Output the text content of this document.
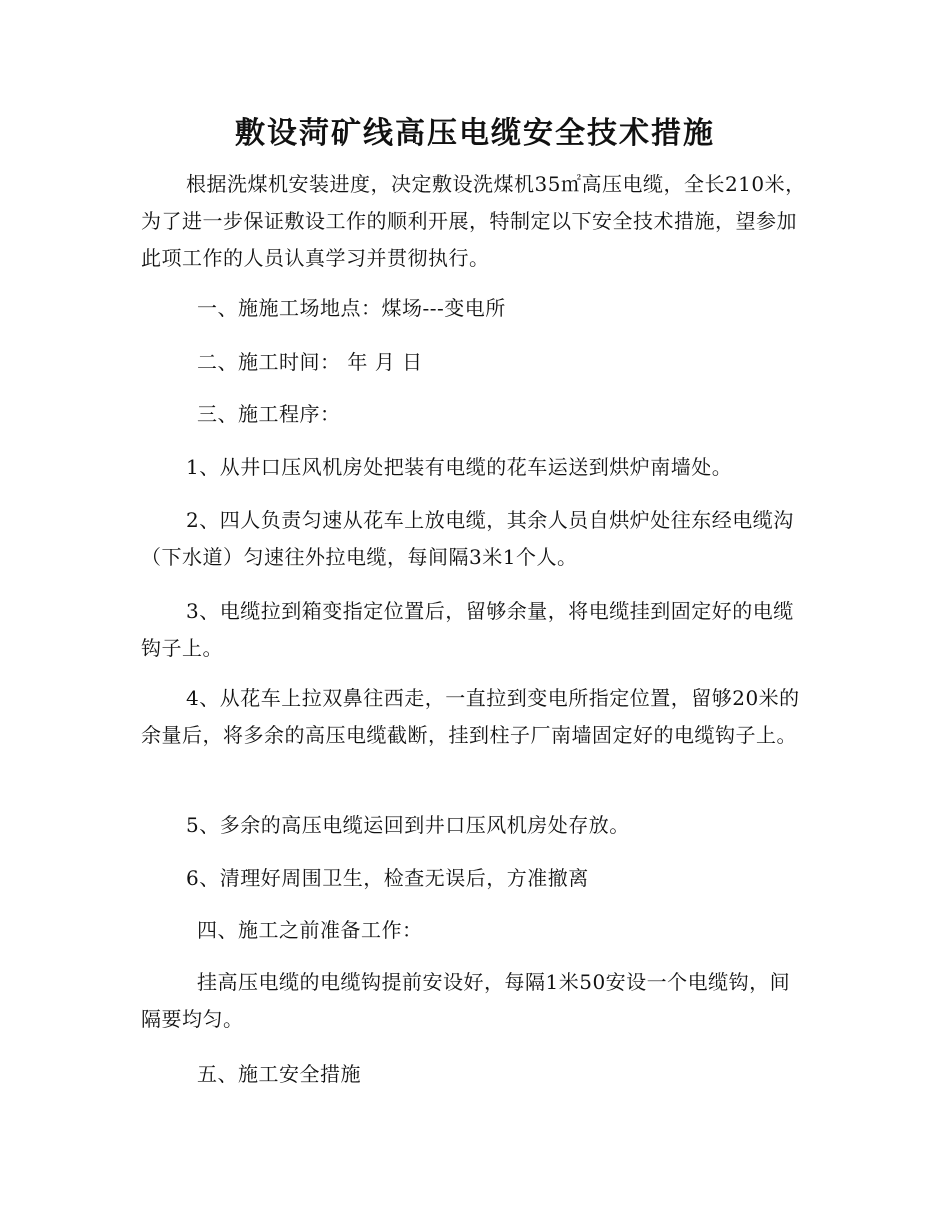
敷设菏矿线高压电缆安全技术措施
根据洗煤机安装进度，决定敷设洗煤机35㎡高压电缆，全长210米，为了进一步保证敷设工作的顺利开展，特制定以下安全技术措施，望参加此项工作的人员认真学习并贯彻执行。
一、施施工场地点：煤场---变电所
二、施工时间： 年 月 日
三、施工程序：
1、从井口压风机房处把装有电缆的花车运送到烘炉南墙处。
2、四人负责匀速从花车上放电缆，其余人员自烘炉处往东经电缆沟（下水道）匀速往外拉电缆，每间隔3米1个人。
3、电缆拉到箱变指定位置后，留够余量，将电缆挂到固定好的电缆钩子上。
4、从花车上拉双鼻往西走，一直拉到变电所指定位置，留够20米的余量后，将多余的高压电缆截断，挂到柱子厂南墙固定好的电缆钩子上。
5、多余的高压电缆运回到井口压风机房处存放。
6、清理好周围卫生，检查无误后，方准撤离
四、施工之前准备工作：
挂高压电缆的电缆钩提前安设好，每隔1米50安设一个电缆钩，间隔要均匀。
五、施工安全措施
